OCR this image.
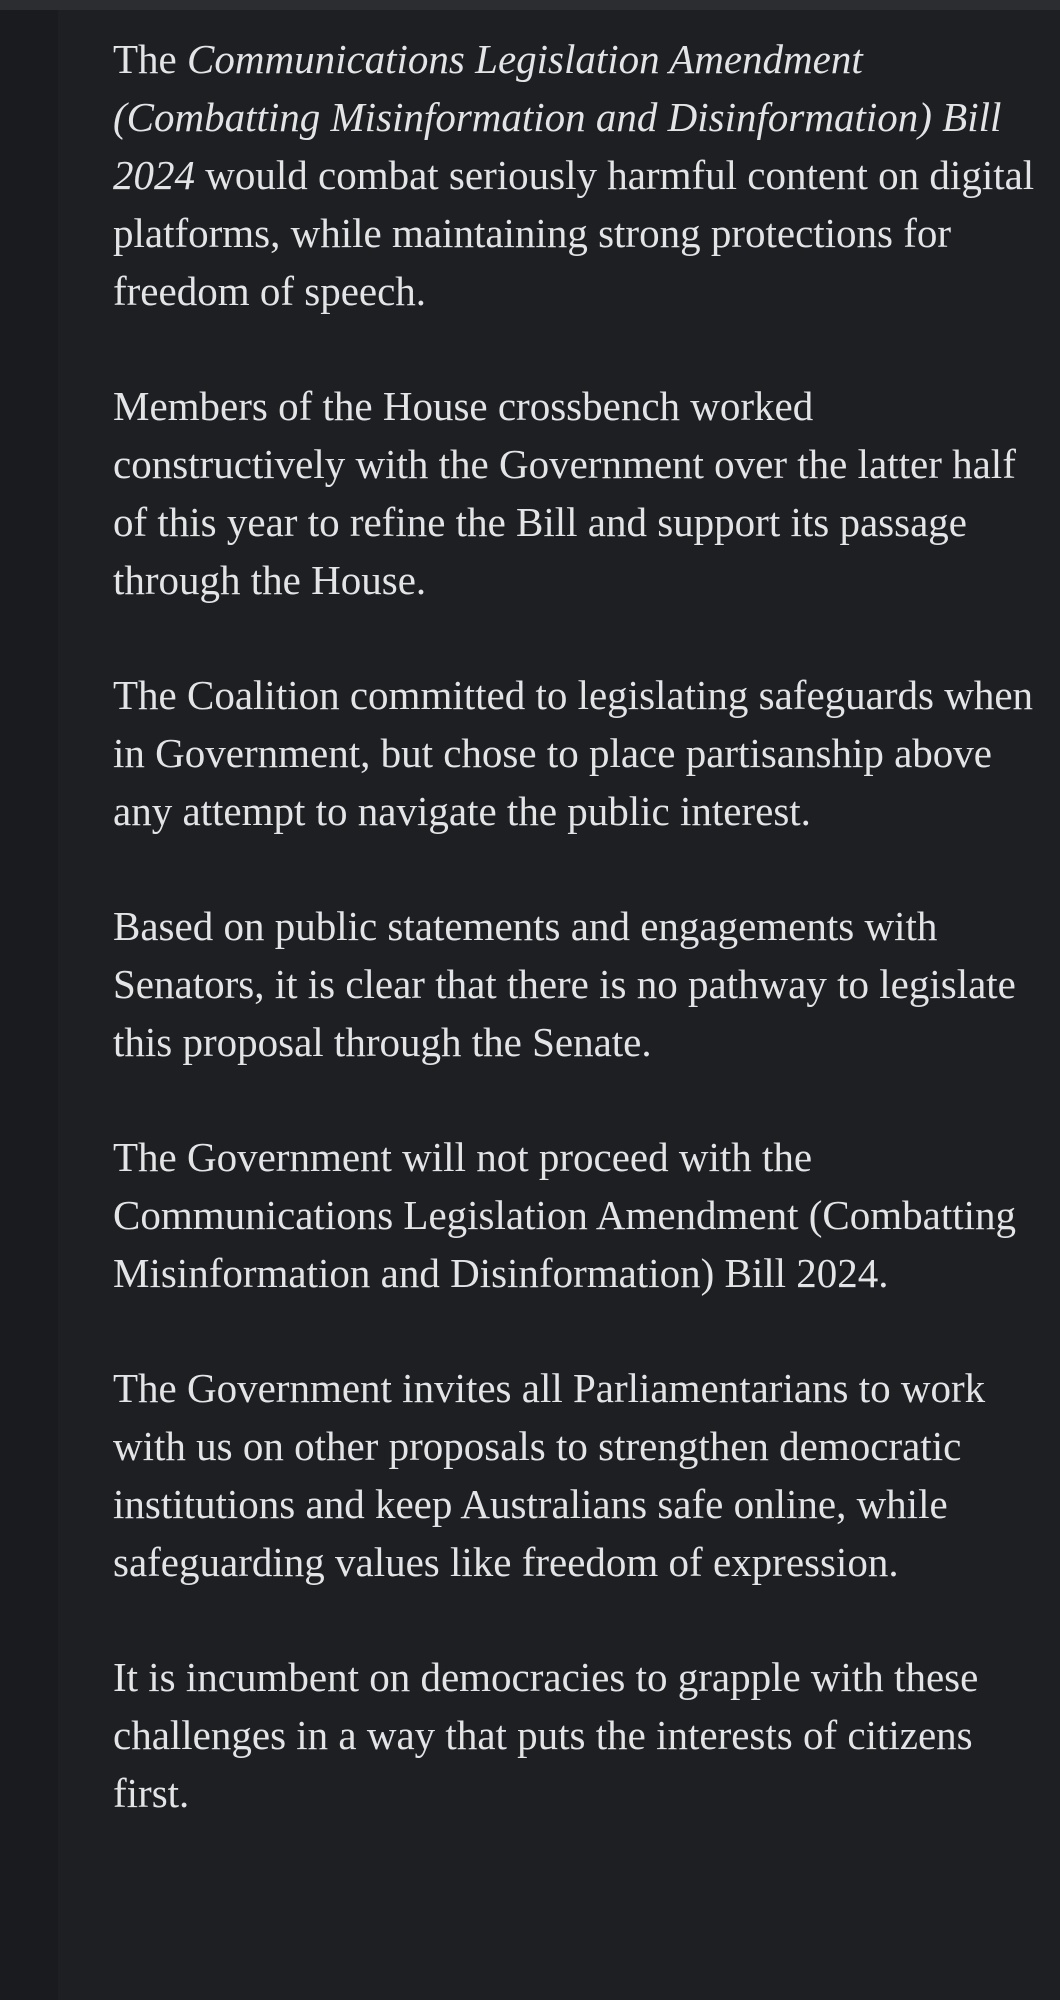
The Communications Legislation Amendment (Combatting Misinformation and Disinformation) Bill 2024 would combat seriously harmful content on digital platforms, while maintaining strong protections for freedom of speech.

Members of the House crossbench worked constructively with the Government over the latter half of this year to refine the Bill and support its passage through the House.

The Coalition committed to legislating safeguards when in Government, but chose to place partisanship above any attempt to navigate the public interest.

Based on public statements and engagements with Senators, it is clear that there is no pathway to legislate this proposal through the Senate.

The Government will not proceed with the Communications Legislation Amendment (Combatting Misinformation and Disinformation) Bill 2024.

The Government invites all Parliamentarians to work with us on other proposals to strengthen democratic institutions and keep Australians safe online, while safeguarding values like freedom of expression.

It is incumbent on democracies to grapple with these challenges in a way that puts the interests of citizens first.
